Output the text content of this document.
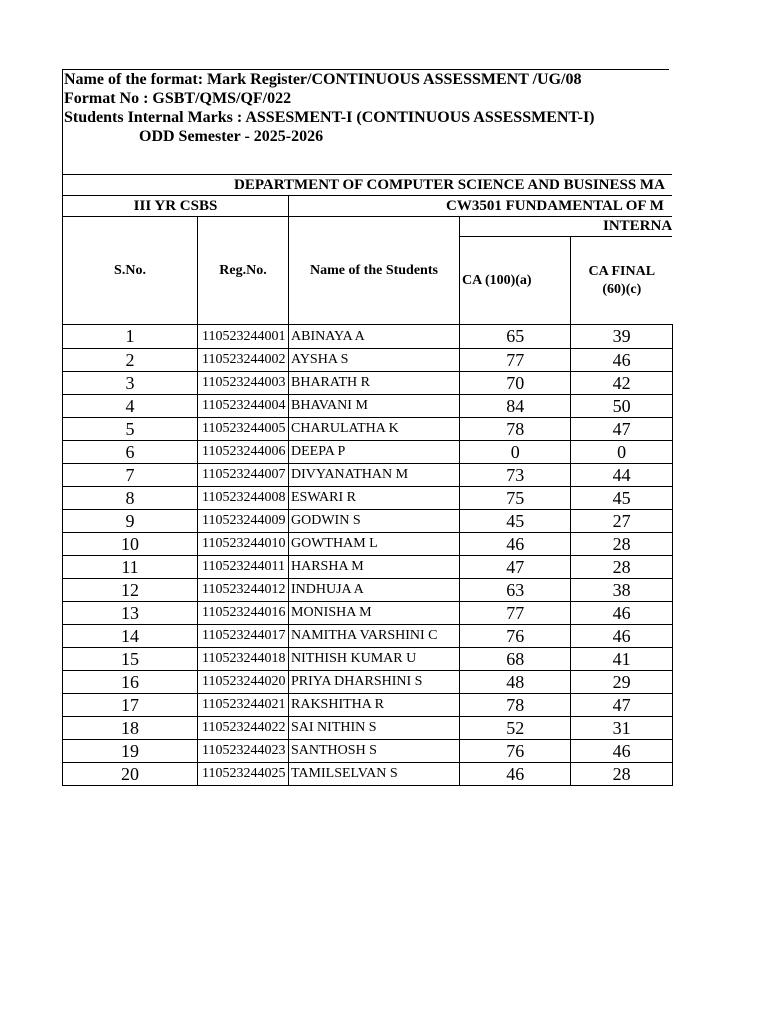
Name of the format: Mark Register/CONTINUOUS ASSESSMENT /UG/08
Format No : GSBT/QMS/QF/022
Students Internal Marks : ASSESMENT-I (CONTINUOUS ASSESSMENT-I)
ODD Semester - 2025-2026
DEPARTMENT OF COMPUTER SCIENCE AND BUSINESS MA				
III YR CSBS		CW3501 FUNDAMENTAL OF M		
S.No.	Reg.No.	Name of the Students	INTERNA	
			CA (100)(a)	CA FINAL
(60)(c)

1	110523244001	ABINAYA A	65	39
2	110523244002	AYSHA S	77	46
3	110523244003	BHARATH R	70	42
4	110523244004	BHAVANI M	84	50
5	110523244005	CHARULATHA K	78	47
6	110523244006	DEEPA P	0	0
7	110523244007	DIVYANATHAN M	73	44
8	110523244008	ESWARI R	75	45
9	110523244009	GODWIN S	45	27
10	110523244010	GOWTHAM L	46	28
11	110523244011	HARSHA M	47	28
12	110523244012	INDHUJA A	63	38
13	110523244016	MONISHA M	77	46
14	110523244017	NAMITHA VARSHINI C	76	46
15	110523244018	NITHISH KUMAR U	68	41
16	110523244020	PRIYA DHARSHINI S	48	29
17	110523244021	RAKSHITHA R	78	47
18	110523244022	SAI NITHIN S	52	31
19	110523244023	SANTHOSH S	76	46
20	110523244025	TAMILSELVAN S	46	28
